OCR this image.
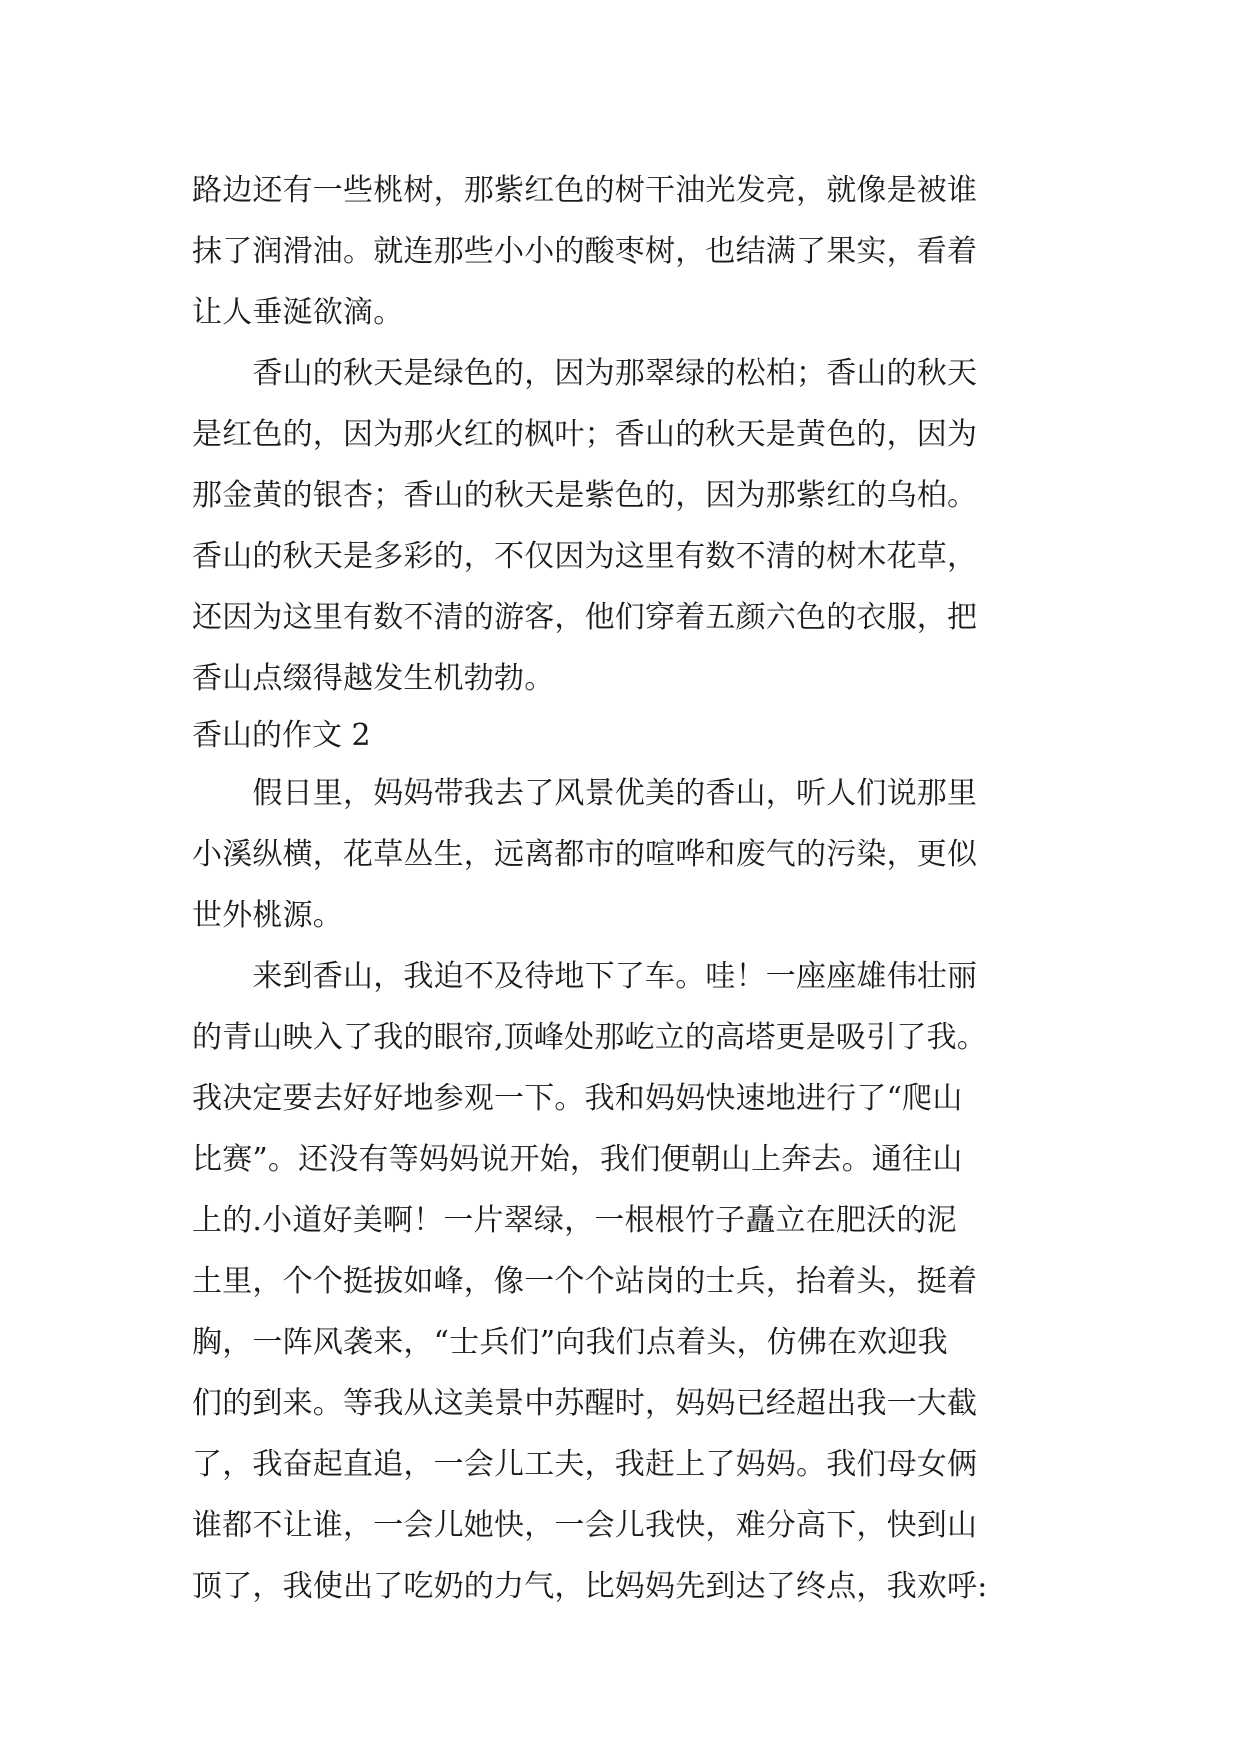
路边还有一些桃树，那紫红色的树干油光发亮，就像是被谁
抹了润滑油。就连那些小小的酸枣树，也结满了果实，看着
让人垂涎欲滴。
　　香山的秋天是绿色的，因为那翠绿的松柏；香山的秋天
是红色的，因为那火红的枫叶；香山的秋天是黄色的，因为
那金黄的银杏；香山的秋天是紫色的，因为那紫红的乌柏。
香山的秋天是多彩的，不仅因为这里有数不清的树木花草，
还因为这里有数不清的游客，他们穿着五颜六色的衣服，把
香山点缀得越发生机勃勃。
香山的作文 2
　　假日里，妈妈带我去了风景优美的香山，听人们说那里
小溪纵横，花草丛生，远离都市的喧哗和废气的污染，更似
世外桃源。
　　来到香山，我迫不及待地下了车。哇！一座座雄伟壮丽
的青山映入了我的眼帘,顶峰处那屹立的高塔更是吸引了我。
我决定要去好好地参观一下。我和妈妈快速地进行了“爬山
比赛”。还没有等妈妈说开始，我们便朝山上奔去。通往山
上的.小道好美啊！一片翠绿，一根根竹子矗立在肥沃的泥
土里，个个挺拔如峰，像一个个站岗的士兵，抬着头，挺着
胸，一阵风袭来，“士兵们”向我们点着头，仿佛在欢迎我
们的到来。等我从这美景中苏醒时，妈妈已经超出我一大截
了，我奋起直追，一会儿工夫，我赶上了妈妈。我们母女俩
谁都不让谁，一会儿她快，一会儿我快，难分高下，快到山
顶了，我使出了吃奶的力气，比妈妈先到达了终点，我欢呼:
